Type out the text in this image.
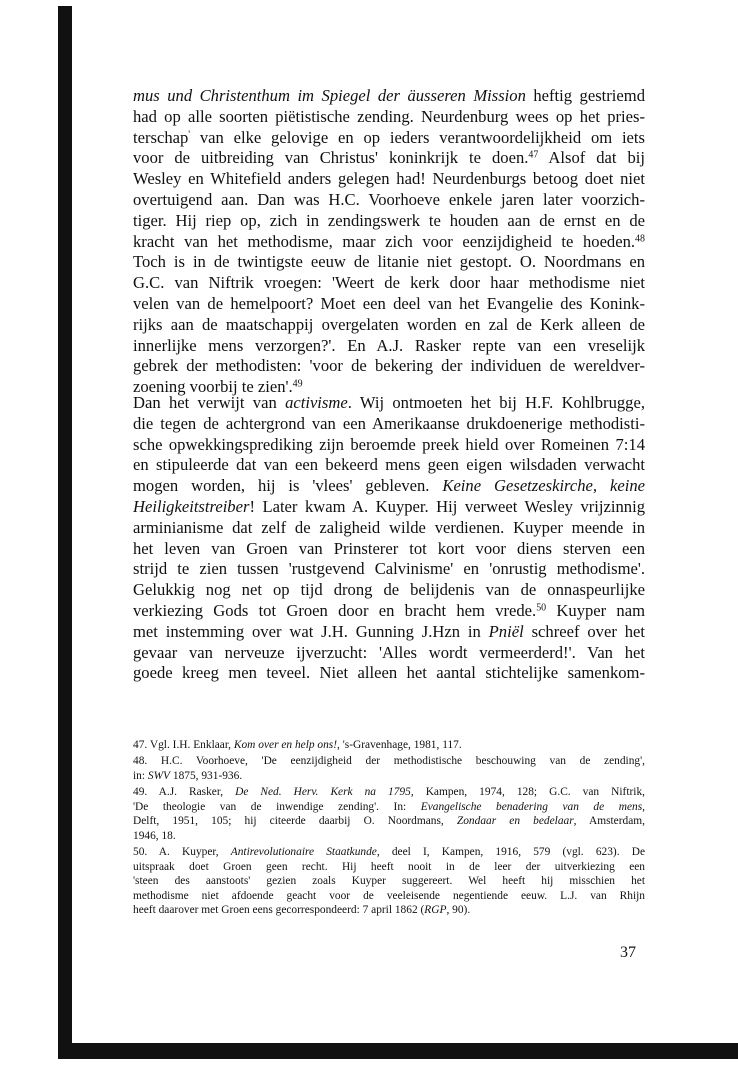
mus und Christenthum im Spiegel der äusseren Mission heftig gestriemd
had op alle soorten piëtistische zending. Neurdenburg wees op het pries-
terschap' van elke gelovige en op ieders verantwoordelijkheid om iets
voor de uitbreiding van Christus' koninkrijk te doen.$^{47}$ Alsof dat bij
Wesley en Whitefield anders gelegen had! Neurdenburgs betoog doet niet
overtuigend aan. Dan was H.C. Voorhoeve enkele jaren later voorzich-
tiger. Hij riep op, zich in zendingswerk te houden aan de ernst en de
kracht van het methodisme, maar zich voor eenzijdigheid te hoeden.$^{48}$
Toch is in de twintigste eeuw de litanie niet gestopt. O. Noordmans en
G.C. van Niftrik vroegen: 'Weert de kerk door haar methodisme niet
velen van de hemelpoort? Moet een deel van het Evangelie des Konink-
rijks aan de maatschappij overgelaten worden en zal de Kerk alleen de
innerlijke mens verzorgen?'. En A.J. Rasker repte van een vreselijk
gebrek der methodisten: 'voor de bekering der individuen de wereldver-
zoening voorbij te zien'.$^{49}$
Dan het verwijt van activisme. Wij ontmoeten het bij H.F. Kohlbrugge,
die tegen de achtergrond van een Amerikaanse drukdoenerige methodisti-
sche opwekkingsprediking zijn beroemde preek hield over Romeinen 7:14
en stipuleerde dat van een bekeerd mens geen eigen wilsdaden verwacht
mogen worden, hij is 'vlees' gebleven. Keine Gesetzeskirche, keine
Heiligkeitstreiber! Later kwam A. Kuyper. Hij verweet Wesley vrijzinnig
arminianisme dat zelf de zaligheid wilde verdienen. Kuyper meende in
het leven van Groen van Prinsterer tot kort voor diens sterven een
strijd te zien tussen 'rustgevend Calvinisme' en 'onrustig methodisme'.
Gelukkig nog net op tijd drong de belijdenis van de onnaspeurlijke
verkiezing Gods tot Groen door en bracht hem vrede.$^{50}$ Kuyper nam
met instemming over wat J.H. Gunning J.Hzn in Pniël schreef over het
gevaar van nerveuze ijverzucht: 'Alles wordt vermeerderd!'. Van het
goede kreeg men teveel. Niet alleen het aantal stichtelijke samenkom-
47. Vgl. I.H. Enklaar, Kom over en help ons!, 's-Gravenhage, 1981, 117.
48. H.C. Voorhoeve, 'De eenzijdigheid der methodistische beschouwing van de zending',
in: SWV 1875, 931-936.
49. A.J. Rasker, De Ned. Herv. Kerk na 1795, Kampen, 1974, 128; G.C. van Niftrik,
'De theologie van de inwendige zending'. In: Evangelische benadering van de mens,
Delft, 1951, 105; hij citeerde daarbij O. Noordmans, Zondaar en bedelaar, Amsterdam,
1946, 18.
50. A. Kuyper, Antirevolutionaire Staatkunde, deel I, Kampen, 1916, 579 (vgl. 623). De
uitspraak doet Groen geen recht. Hij heeft nooit in de leer der uitverkiezing een
'steen des aanstoots' gezien zoals Kuyper suggereert. Wel heeft hij misschien het
methodisme niet afdoende geacht voor de veeleisende negentiende eeuw. L.J. van Rhijn
heeft daarover met Groen eens gecorrespondeerd: 7 april 1862 (RGP, 90).
37
